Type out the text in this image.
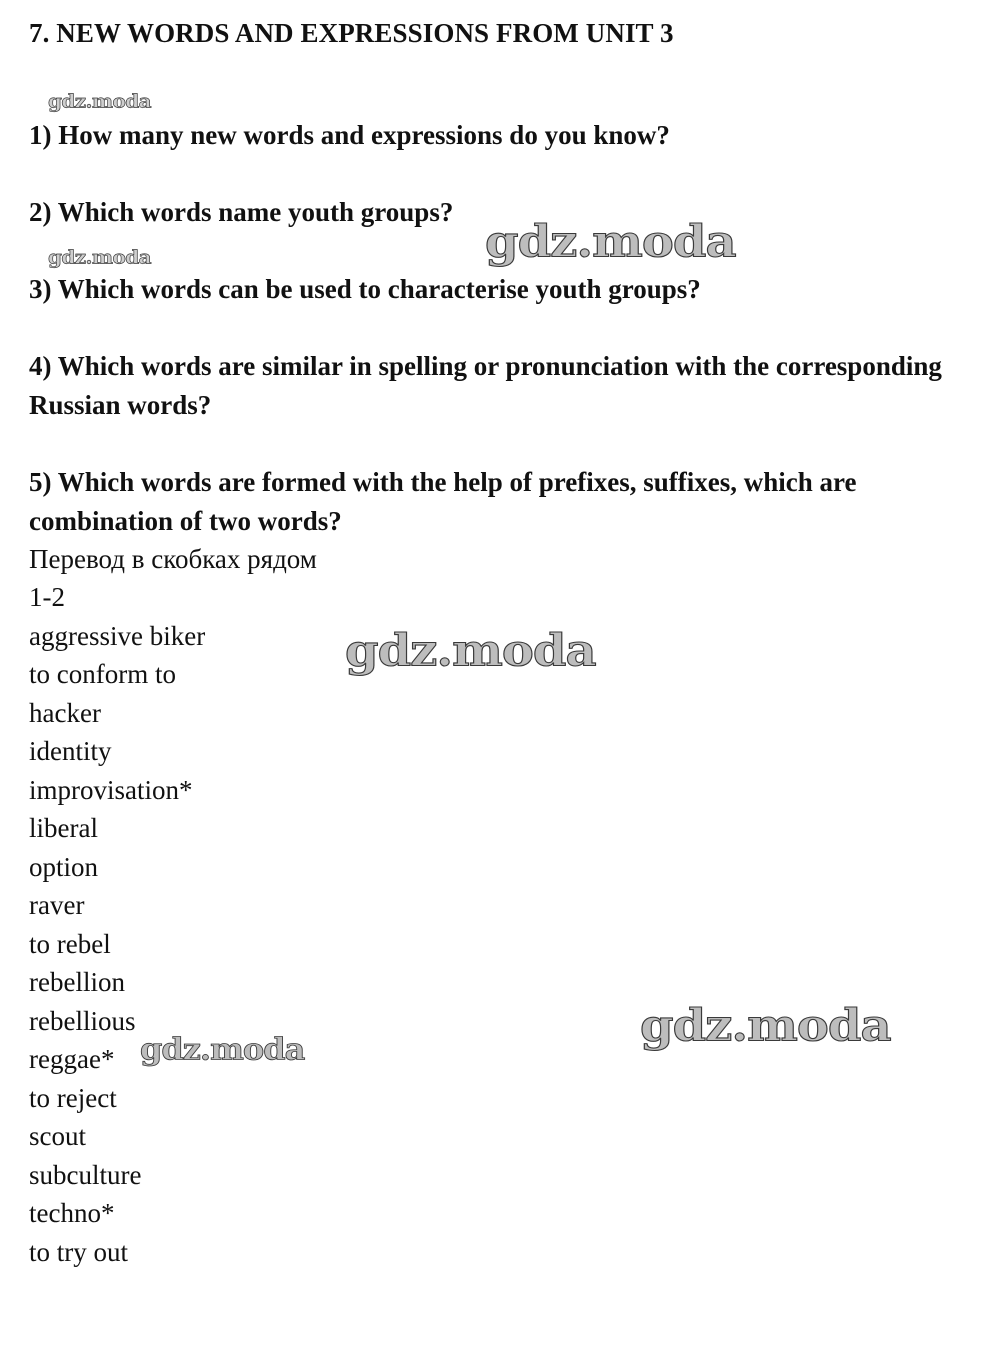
7. NEW WORDS AND EXPRESSIONS FROM UNIT 3
1) How many new words and expressions do you know?
2) Which words name youth groups?
3) Which words can be used to characterise youth groups?
4) Which words are similar in spelling or pronunciation with the corresponding Russian words?
5) Which words are formed with the help of prefixes, suffixes, which are combination of two words?
Перевод в скобках рядом
1-2
aggressive biker
to conform to
hacker
identity
improvisation*
liberal
option
raver
to rebel
rebellion
rebellious
reggae*
to reject
scout
subculture
techno*
to try out
gdz.moda
gdz.moda	gdz.moda
gdz.moda
gdz.moda
gdz.moda
